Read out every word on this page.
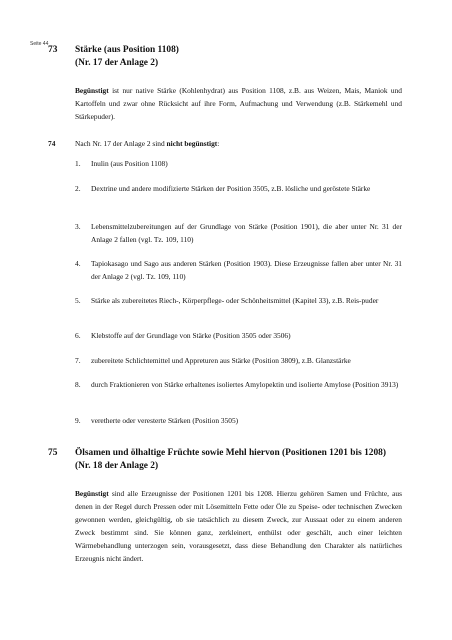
Seite 44
73 Stärke (aus Position 1108)
(Nr. 17 der Anlage 2)
Begünstigt ist nur native Stärke (Kohlenhydrat) aus Position 1108, z.B. aus Weizen, Mais, Maniok und Kartoffeln und zwar ohne Rücksicht auf ihre Form, Aufmachung und Verwendung (z.B. Stärkemehl und Stärkepuder).
74	Nach Nr. 17 der Anlage 2 sind nicht begünstigt:
1. Inulin (aus Position 1108)
2. Dextrine und andere modifizierte Stärken der Position 3505, z.B. lösliche und geröstete Stärke
3. Lebensmittelzubereitungen auf der Grundlage von Stärke (Position 1901), die aber unter Nr. 31 der Anlage 2 fallen (vgl. Tz. 109, 110)
4. Tapiokasago und Sago aus anderen Stärken (Position 1903). Diese Erzeugnisse fallen aber unter Nr. 31 der Anlage 2 (vgl. Tz. 109, 110)
5. Stärke als zubereitetes Riech-, Körperpflege- oder Schönheitsmittel (Kapitel 33), z.B. Reis-puder
6. Klebstoffe auf der Grundlage von Stärke (Position 3505 oder 3506)
7. zubereitete Schlichtemittel und Appreturen aus Stärke (Position 3809), z.B. Glanzstärke
8. durch Fraktionieren von Stärke erhaltenes isoliertes Amylopektin und isolierte Amylose (Position 3913)
9. veretherte oder veresterte Stärken (Position 3505)
75 Ölsamen und ölhaltige Früchte sowie Mehl hiervon (Positionen 1201 bis 1208)
(Nr. 18 der Anlage 2)
Begünstigt sind alle Erzeugnisse der Positionen 1201 bis 1208. Hierzu gehören Samen und Früchte, aus denen in der Regel durch Pressen oder mit Lösemitteln Fette oder Öle zu Speise- oder technischen Zwecken gewonnen werden, gleichgültig, ob sie tatsächlich zu diesem Zweck, zur Aussaat oder zu einem anderen Zweck bestimmt sind. Sie können ganz, zerkleinert, enthülst oder geschält, auch einer leichten Wärmebehandlung unterzogen sein, vorausgesetzt, dass diese Behandlung den Charakter als natürliches Erzeugnis nicht ändert.
